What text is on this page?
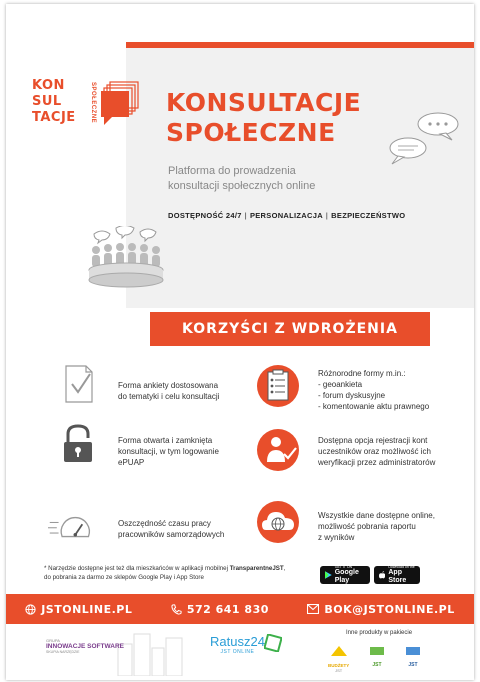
KON
SUL
TACJE SPOŁECZNE	KONSULTACJE
SPOŁECZNE
Platforma do prowadzenia
konsultacji społecznych online
DOSTĘPNOŚĆ 24/7 | PERSONALIZACJA | BEZPIECZEŃSTWO
KORZYŚCI Z WDROŻENIA
Forma ankiety dostosowana
do tematyki i celu konsultacji
Różnorodne formy m.in.:
- geoankieta
- forum dyskusyjne
- komentowanie aktu prawnego
Forma otwarta i zamknięta
konsultacji, w tym logowanie
ePUAP
Dostępna opcja rejestracji kont
uczestników oraz możliwość ich
weryfikacji przez administratorów
Oszczędność czasu pracy
pracowników samorządowych
Wszystkie dane dostępne online,
możliwość pobrania raportu
z wyników
* Narzędzie dostępne jest też dla mieszkańców w aplikacji mobilnej TransparentneJST,
do pobrania za darmo ze sklepów Google Play i App Store
GET IT ON
Google Play
Download on the
App Store
JSTONLINE.PL	572 641 830	BOK@JSTONLINE.PL
GRUPA
INNOWACJE SOFTWARE
SKUPIA NARZĘDZIE
Ratusz24
JST ONLINE
Inne produkty w pakiecie
BUDŻETY
JST
JST	JST
